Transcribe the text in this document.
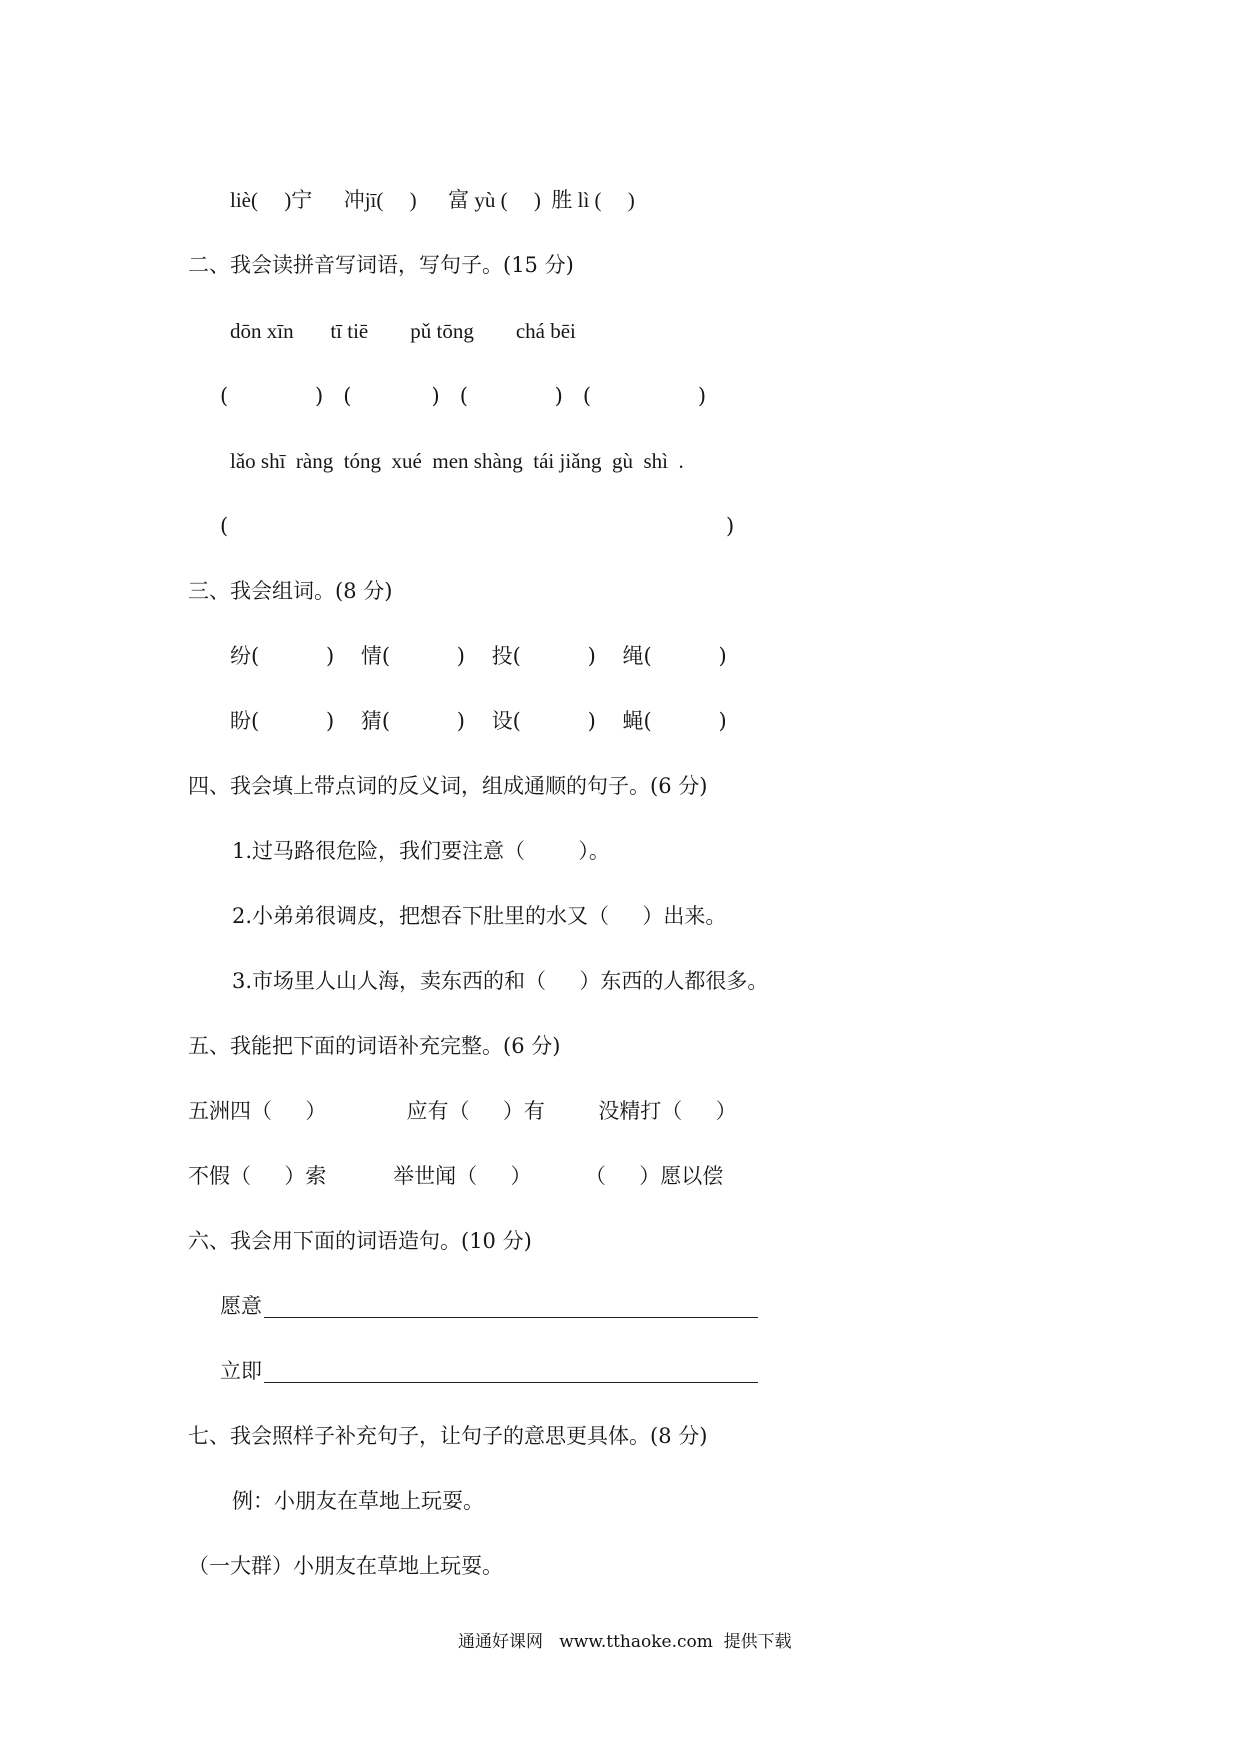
liè(     )宁      冲jī(     )      富 yù (     )  胜 lì (     )
二、我会读拼音写词语，写句子。(15 分)
dōn xīn       tī tiē        pǔ tōng        chá bēi
(             )   (            )   (             )   (                )
lǎo shī  ràng  tóng  xué  men shàng  tái jiǎng  gù  shì  .
(	)
三、我会组词。(8 分)
纷(          )    情(          )    投(          )    绳(          )
盼(          )    猜(          )    设(          )    蝇(          )
四、我会填上带点词的反义词，组成通顺的句子。(6 分)
1.过马路很危险，我们要注意（        ）。
2.小弟弟很调皮，把想吞下肚里的水又（     ）出来。
3.市场里人山人海，卖东西的和（     ）东西的人都很多。
五、我能把下面的词语补充完整。(6 分)
五洲四（     ）            应有（     ）有        没精打（     ）
不假（     ）索          举世闻（     ）        （     ）愿以偿
六、我会用下面的词语造句。(10 分)
愿意
立即
七、我会照样子补充句子，让句子的意思更具体。(8 分)
例：小朋友在草地上玩耍。
（一大群）小朋友在草地上玩耍。
通通好课网   www.tthaoke.com  提供下载
